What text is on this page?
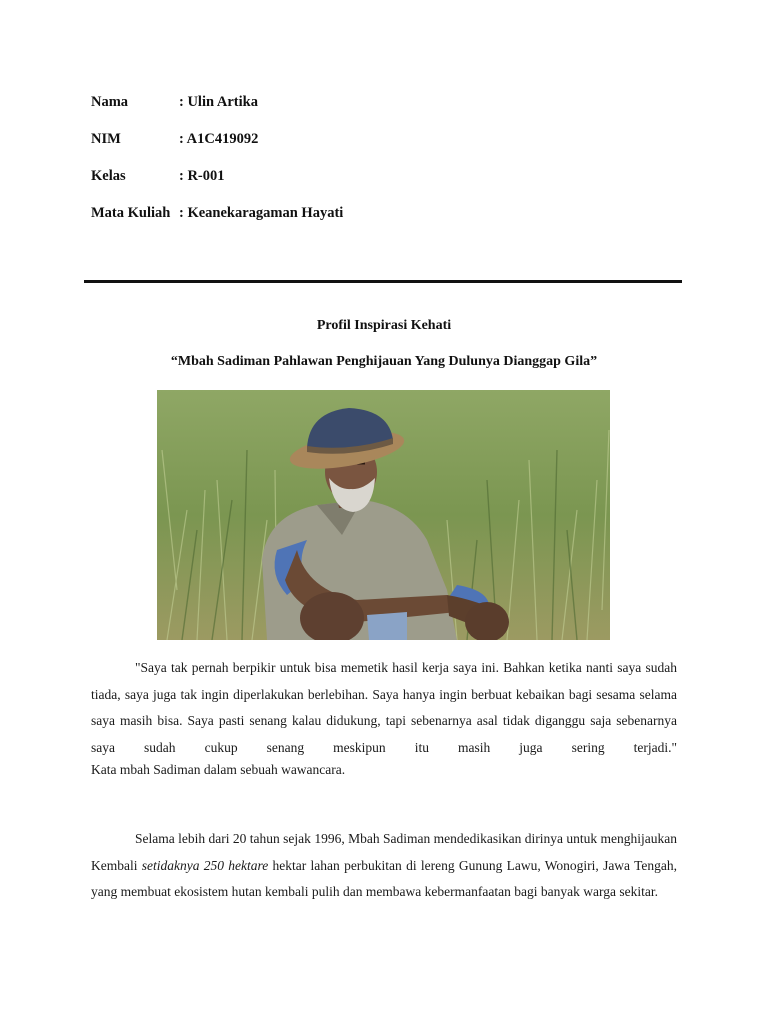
Nama	: Ulin Artika
NIM	: A1C419092
Kelas	: R-001
Mata Kuliah : Keanekaragaman Hayati
Profil Inspirasi Kehati
“Mbah Sadiman Pahlawan Penghijauan Yang Dulunya Dianggap Gila”
"Saya tak pernah berpikir untuk bisa memetik hasil kerja saya ini. Bahkan ketika nanti saya sudah tiada, saya juga tak ingin diperlakukan berlebihan. Saya hanya ingin berbuat kebaikan bagi sesama selama saya masih bisa. Saya pasti senang kalau didukung, tapi sebenarnya asal tidak diganggu saja sebenarnya saya sudah cukup senang meskipun itu masih juga sering terjadi."
Kata mbah Sadiman dalam sebuah wawancara.
Selama lebih dari 20 tahun sejak 1996, Mbah Sadiman mendedikasikan dirinya untuk menghijaukan Kembali setidaknya 250 hektare hektar lahan perbukitan di lereng Gunung Lawu, Wonogiri, Jawa Tengah, yang membuat ekosistem hutan kembali pulih dan membawa kebermanfaatan bagi banyak warga sekitar.
